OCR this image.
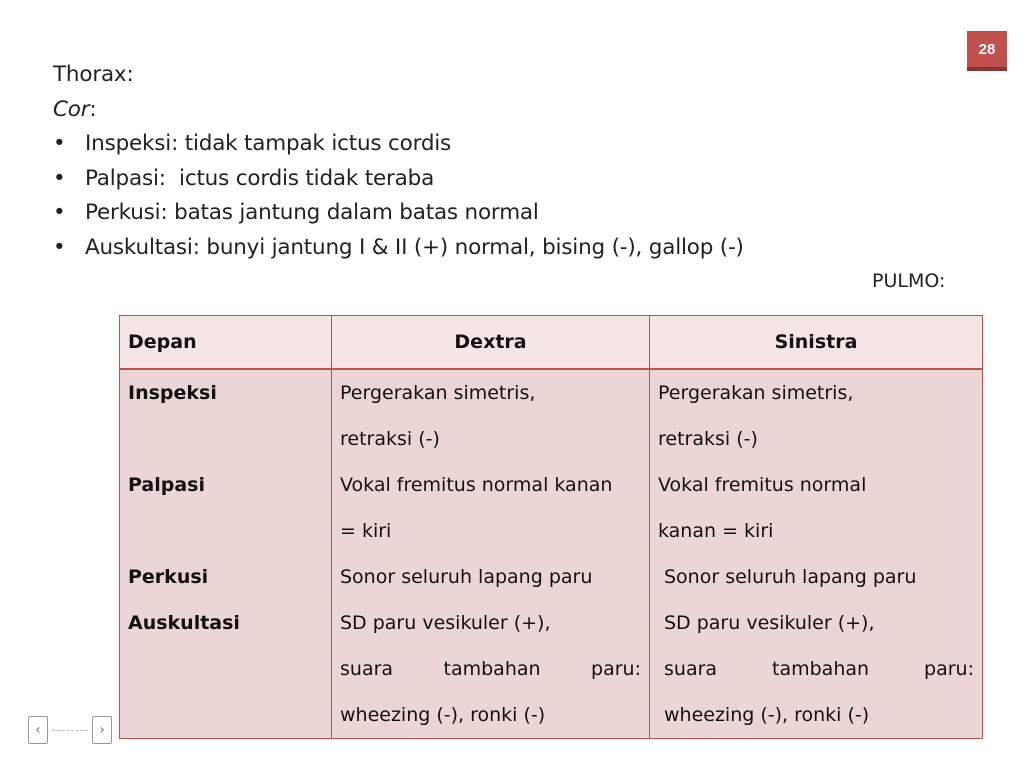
28
Thorax:
Cor:
• Inspeksi: tidak tampak ictus cordis
• Palpasi:  ictus cordis tidak teraba
• Perkusi: batas jantung dalam batas normal
• Auskultasi: bunyi jantung I & II (+) normal, bising (-), gallop (-)
PULMO:
Depan	Dextra	Sinistra
Inspeksi	Pergerakan simetris,	Pergerakan simetris,
	retraksi (-)	retraksi (-)
Palpasi	Vokal fremitus normal kanan	Vokal fremitus normal
	= kiri	kanan = kiri
Perkusi	Sonor seluruh lapang paru	Sonor seluruh lapang paru
Auskultasi	SD paru vesikuler (+),	SD paru vesikuler (+),

	suara tambahan paru:	suara tambahan paru:

	wheezing (-), ronki (-)	wheezing (-), ronki (-)
‹	›
